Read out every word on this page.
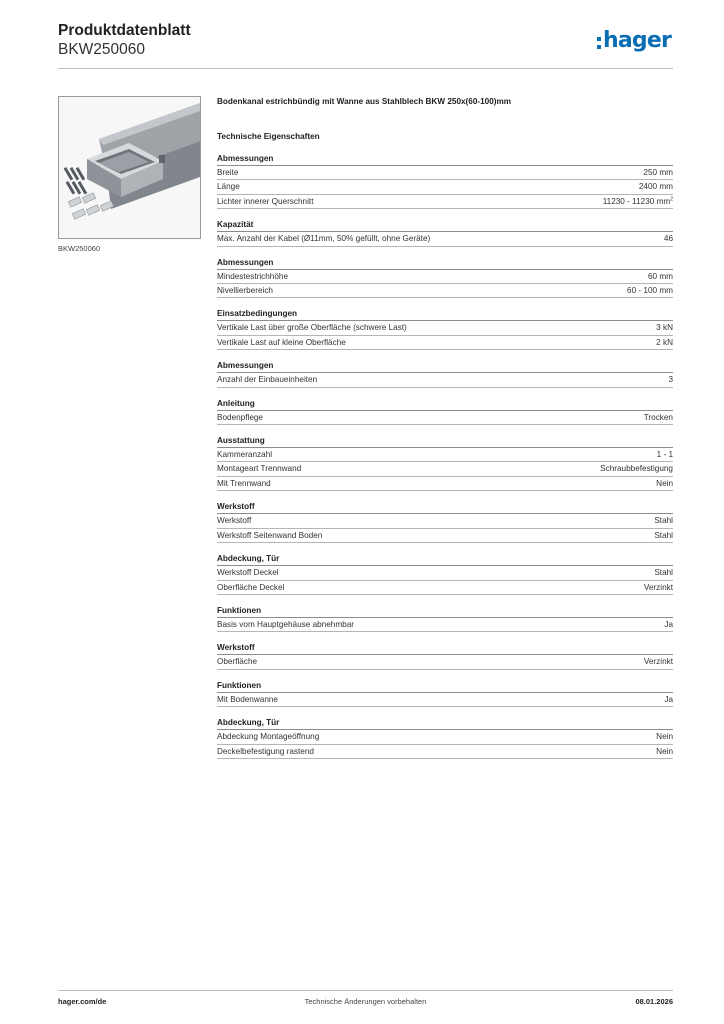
Produktdatenblatt
BKW250060	hager
BKW250060
Bodenkanal estrichbündig mit Wanne aus Stahlblech BKW 250x(60-100)mm
Technische Eigenschaften
Abmessungen
Breite	250 mm
Länge	2400 mm
Lichter innerer Querschnitt	11230 - 11230 $mm^2$
Kapazität
Max. Anzahl der Kabel (Ø11mm, 50% gefüllt, ohne Geräte)	46
Abmessungen
Mindestestrichhöhe	60 mm
Nivellierbereich	60 - 100 mm
Einsatzbedingungen
Vertikale Last über große Oberfläche (schwere Last)	3 kN
Vertikale Last auf kleine Oberfläche	2 kN
Abmessungen
Anzahl der Einbaueinheiten	3
Anleitung
Bodenpflege	Trocken
Ausstattung
Kammeranzahl	1 - 1
Montageart Trennwand	Schraubbefestigung
Mit Trennwand	Nein
Werkstoff
Werkstoff	Stahl
Werkstoff Seitenwand Boden	Stahl
Abdeckung, Tür
Werkstoff Deckel	Stahl
Oberfläche Deckel	Verzinkt
Funktionen
Basis vom Hauptgehäuse abnehmbar	Ja
Werkstoff
Oberfläche	Verzinkt
Funktionen
Mit Bodenwanne	Ja
Abdeckung, Tür
Abdeckung Montageöffnung	Nein
Deckelbefestigung rastend	Nein
hager.com/de	Technische Änderungen vorbehalten	08.01.2026
